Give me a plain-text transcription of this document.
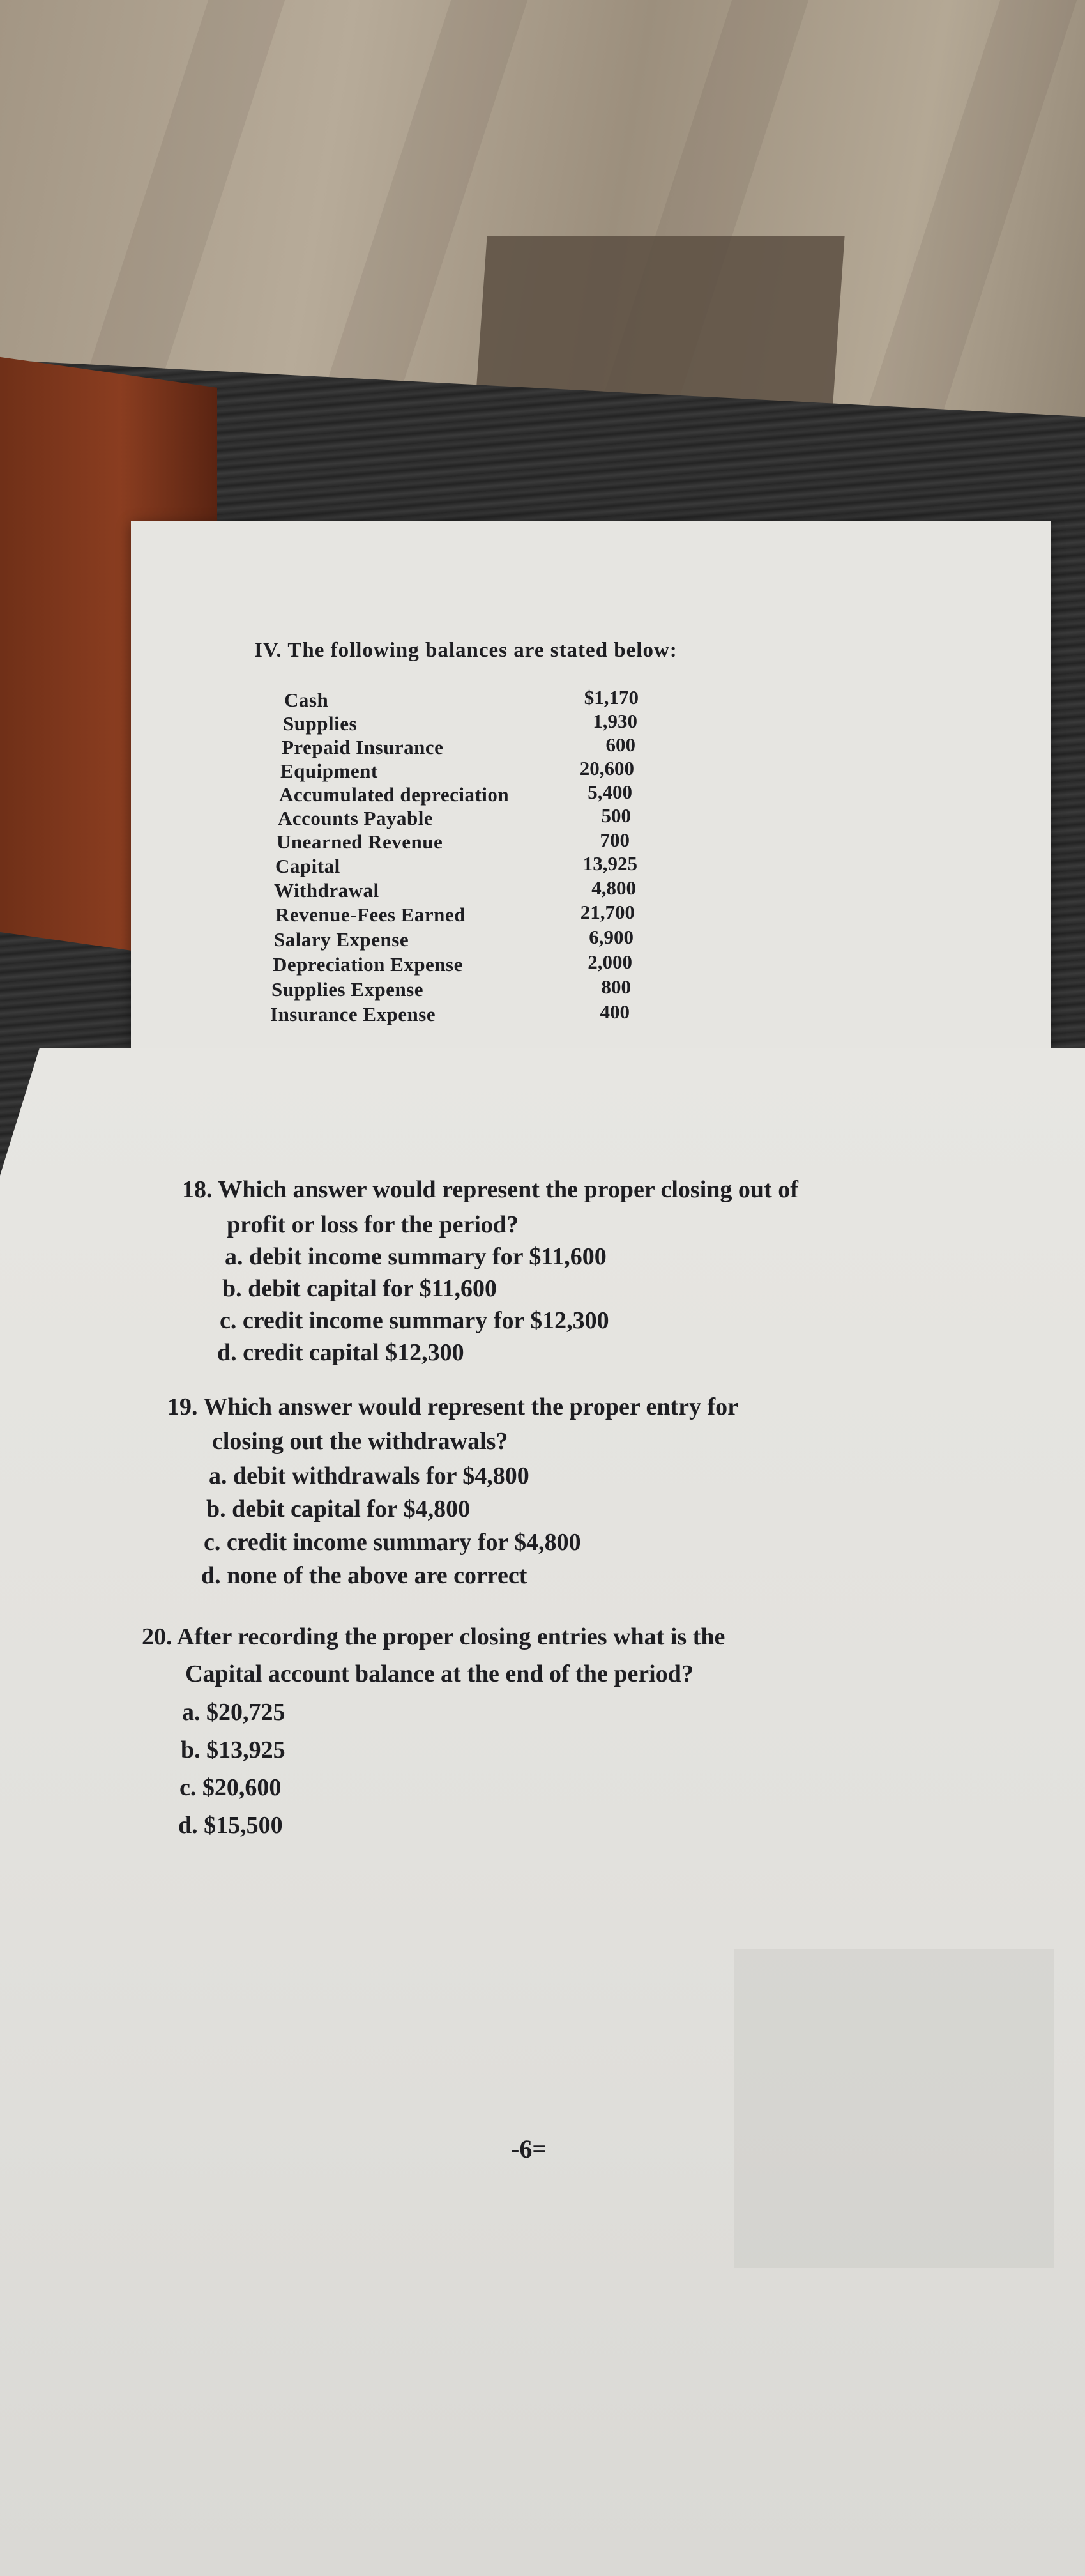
IV. The following balances are stated below:
Cash	$1,170
Supplies	1,930
Prepaid Insurance	600
Equipment	20,600
Accumulated depreciation	5,400
Accounts Payable	500
Unearned Revenue	700
Capital	13,925
Withdrawal	4,800
Revenue-Fees Earned	21,700
Salary Expense	6,900
Depreciation Expense	2,000
Supplies Expense	800
Insurance Expense	400
18. Which answer would represent the proper closing out of
profit or loss for the period?
a. debit income summary for $11,600
b. debit capital for $11,600
c. credit income summary for $12,300
d. credit capital $12,300
19. Which answer would represent the proper entry for
closing out the withdrawals?
a. debit withdrawals for $4,800
b. debit capital for $4,800
c. credit income summary for $4,800
d. none of the above are correct
20. After recording the proper closing entries what is the
Capital account balance at the end of the period?
a. $20,725
b. $13,925
c. $20,600
d. $15,500
-6=
